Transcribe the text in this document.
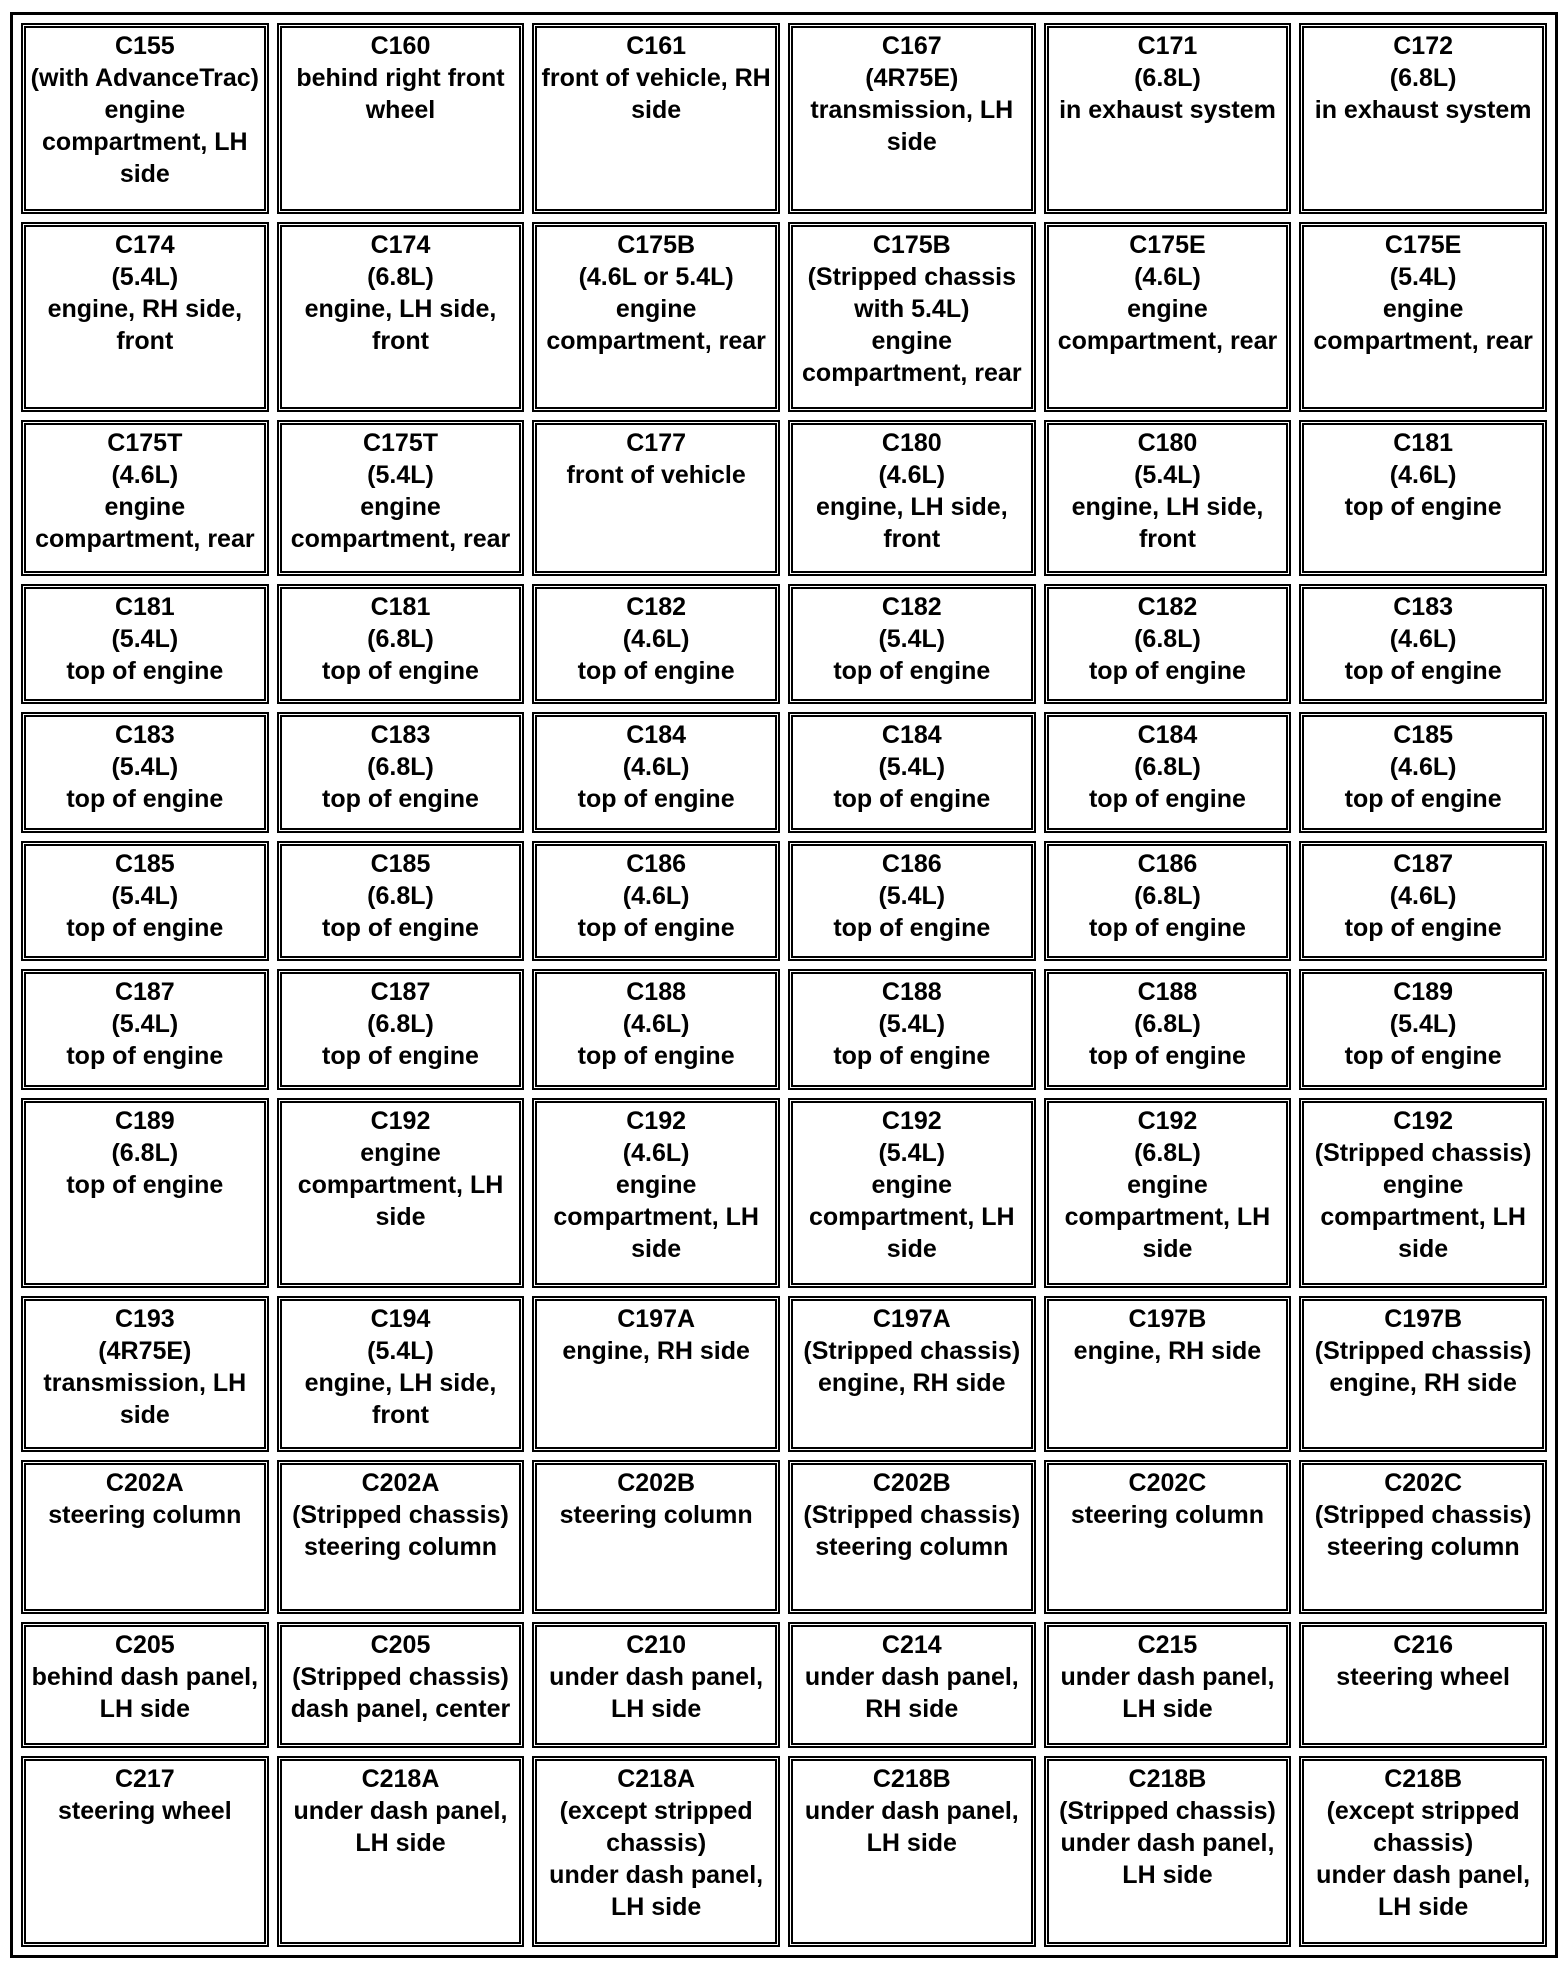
C155
(with AdvanceTrac)
engine compartment, LH side	C160
behind right front wheel	C161
front of vehicle, RH side	C167
(4R75E)
transmission, LH side	C171
(6.8L)
in exhaust system	C172
(6.8L)
in exhaust system

C174
(5.4L)
engine, RH side, front	C174
(6.8L)
engine, LH side, front	C175B
(4.6L or 5.4L)
engine compartment, rear	C175B
(Stripped chassis with 5.4L)
engine compartment, rear	C175E
(4.6L)
engine compartment, rear	C175E
(5.4L)
engine compartment, rear

C175T
(4.6L)
engine compartment, rear	C175T
(5.4L)
engine compartment, rear	C177
front of vehicle	C180
(4.6L)
engine, LH side, front	C180
(5.4L)
engine, LH side, front	C181
(4.6L)
top of engine

C181
(5.4L)
top of engine	C181
(6.8L)
top of engine	C182
(4.6L)
top of engine	C182
(5.4L)
top of engine	C182
(6.8L)
top of engine	C183
(4.6L)
top of engine

C183
(5.4L)
top of engine	C183
(6.8L)
top of engine	C184
(4.6L)
top of engine	C184
(5.4L)
top of engine	C184
(6.8L)
top of engine	C185
(4.6L)
top of engine

C185
(5.4L)
top of engine	C185
(6.8L)
top of engine	C186
(4.6L)
top of engine	C186
(5.4L)
top of engine	C186
(6.8L)
top of engine	C187
(4.6L)
top of engine

C187
(5.4L)
top of engine	C187
(6.8L)
top of engine	C188
(4.6L)
top of engine	C188
(5.4L)
top of engine	C188
(6.8L)
top of engine	C189
(5.4L)
top of engine

C189
(6.8L)
top of engine	C192
engine compartment, LH side	C192
(4.6L)
engine compartment, LH side	C192
(5.4L)
engine compartment, LH side	C192
(6.8L)
engine compartment, LH side	C192
(Stripped chassis)
engine compartment, LH side

C193
(4R75E)
transmission, LH side	C194
(5.4L)
engine, LH side, front	C197A
engine, RH side	C197A
(Stripped chassis)
engine, RH side	C197B
engine, RH side	C197B
(Stripped chassis)
engine, RH side

C202A
steering column	C202A
(Stripped chassis)
steering column	C202B
steering column	C202B
(Stripped chassis)
steering column	C202C
steering column	C202C
(Stripped chassis)
steering column

C205
behind dash panel, LH side	C205
(Stripped chassis)
dash panel, center	C210
under dash panel, LH side	C214
under dash panel, RH side	C215
under dash panel, LH side	C216
steering wheel

C217
steering wheel	C218A
under dash panel, LH side	C218A
(except stripped chassis)
under dash panel, LH side	C218B
under dash panel, LH side	C218B
(Stripped chassis)
under dash panel, LH side	C218B
(except stripped chassis)
under dash panel, LH side
